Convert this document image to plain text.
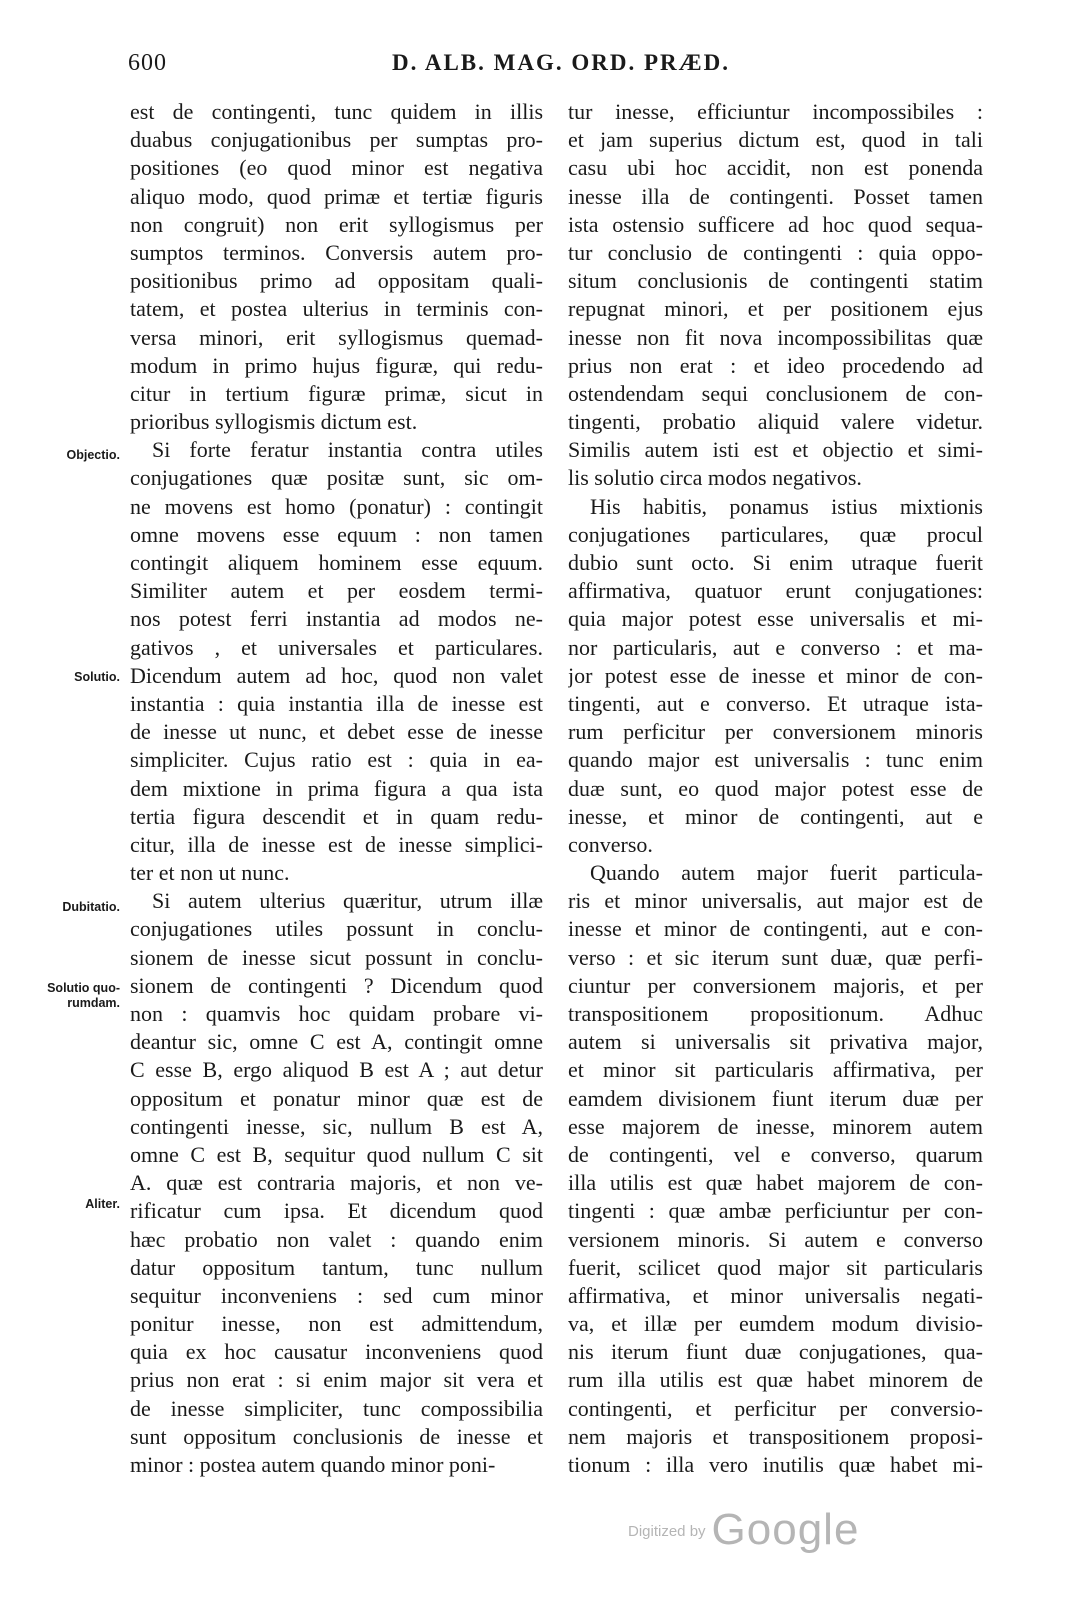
600	D. ALB. MAG. ORD. PRÆD.
Objectio.
Solutio.
Dubitatio.
Solutio quo-
rumdam.
Aliter.
est de contingenti, tunc quidem in illis
duabus conjugationibus per sumptas pro-
positiones (eo quod minor est negativa
aliquo modo, quod primæ et tertiæ figuris
non congruit) non erit syllogismus per
sumptos terminos. Conversis autem pro-
positionibus primo ad oppositam quali-
tatem, et postea ulterius in terminis con-
versa minori, erit syllogismus quemad-
modum in primo hujus figuræ, qui redu-
citur in tertium figuræ primæ, sicut in
prioribus syllogismis dictum est.
Si forte feratur instantia contra utiles
conjugationes quæ positæ sunt, sic om-
ne movens est homo (ponatur) : contingit
omne movens esse equum : non tamen
contingit aliquem hominem esse equum.
Similiter autem et per eosdem termi-
nos potest ferri instantia ad modos ne-
gativos , et universales et particulares.
Dicendum autem ad hoc, quod non valet
instantia : quia instantia illa de inesse est
de inesse ut nunc, et debet esse de inesse
simpliciter. Cujus ratio est : quia in ea-
dem mixtione in prima figura a qua ista
tertia figura descendit et in quam redu-
citur, illa de inesse est de inesse simplici-
ter et non ut nunc.
Si autem ulterius quæritur, utrum illæ
conjugationes utiles possunt in conclu-
sionem de inesse sicut possunt in conclu-
sionem de contingenti ? Dicendum quod
non : quamvis hoc quidam probare vi-
deantur sic, omne C est A, contingit omne
C esse B, ergo aliquod B est A ; aut detur
oppositum et ponatur minor quæ est de
contingenti inesse, sic, nullum B est A,
omne C est B, sequitur quod nullum C sit
A. quæ est contraria majoris, et non ve-
rificatur cum ipsa. Et dicendum quod
hæc probatio non valet : quando enim
datur oppositum tantum, tunc nullum
sequitur inconveniens : sed cum minor
ponitur inesse, non est admittendum,
quia ex hoc causatur inconveniens quod
prius non erat : si enim major sit vera et
de inesse simpliciter, tunc compossibilia
sunt oppositum conclusionis de inesse et
minor : postea autem quando minor poni-
tur inesse, efficiuntur incompossibiles :
et jam superius dictum est, quod in tali
casu ubi hoc accidit, non est ponenda
inesse illa de contingenti. Posset tamen
ista ostensio sufficere ad hoc quod sequa-
tur conclusio de contingenti : quia oppo-
situm conclusionis de contingenti statim
repugnat minori, et per positionem ejus
inesse non fit nova incompossibilitas quæ
prius non erat : et ideo procedendo ad
ostendendam sequi conclusionem de con-
tingenti, probatio aliquid valere videtur.
Similis autem isti est et objectio et simi-
lis solutio circa modos negativos.
His habitis, ponamus istius mixtionis
conjugationes particulares, quæ procul
dubio sunt octo. Si enim utraque fuerit
affirmativa, quatuor erunt conjugationes:
quia major potest esse universalis et mi-
nor particularis, aut e converso : et ma-
jor potest esse de inesse et minor de con-
tingenti, aut e converso. Et utraque ista-
rum perficitur per conversionem minoris
quando major est universalis : tunc enim
duæ sunt, eo quod major potest esse de
inesse, et minor de contingenti, aut e
converso.
Quando autem major fuerit particula-
ris et minor universalis, aut major est de
inesse et minor de contingenti, aut e con-
verso : et sic iterum sunt duæ, quæ perfi-
ciuntur per conversionem majoris, et per
transpositionem propositionum. Adhuc
autem si universalis sit privativa major,
et minor sit particularis affirmativa, per
eamdem divisionem fiunt iterum duæ per
esse majorem de inesse, minorem autem
de contingenti, vel e converso, quarum
illa utilis est quæ habet majorem de con-
tingenti : quæ ambæ perficiuntur per con-
versionem minoris. Si autem e converso
fuerit, scilicet quod major sit particularis
affirmativa, et minor universalis negati-
va, et illæ per eumdem modum divisio-
nis iterum fiunt duæ conjugationes, qua-
rum illa utilis est quæ habet minorem de
contingenti, et perficitur per conversio-
nem majoris et transpositionem proposi-
tionum : illa vero inutilis quæ habet mi-
Digitized by Google
